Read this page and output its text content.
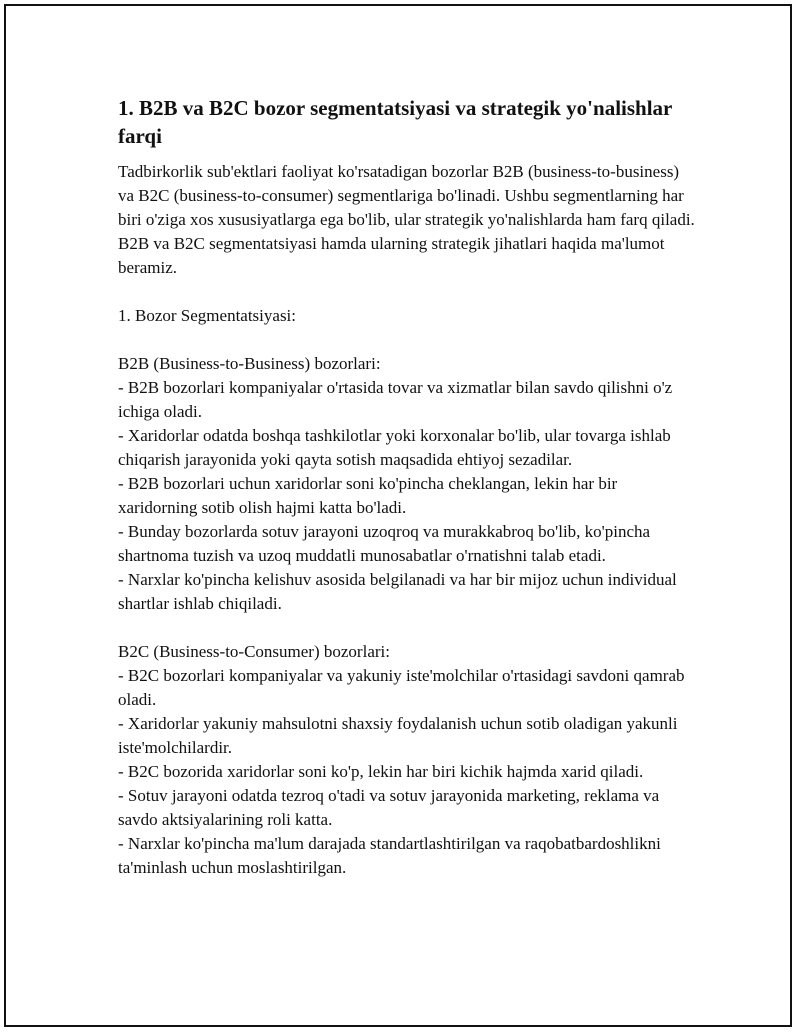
1. B2B va B2C bozor segmentatsiyasi va strategik yo'nalishlar farqi

Tadbirkorlik sub'ektlari faoliyat ko'rsatadigan bozorlar B2B (business-to-business) va B2C (business-to-consumer) segmentlariga bo'linadi. Ushbu segmentlarning har biri o'ziga xos xususiyatlarga ega bo'lib, ular strategik yo'nalishlarda ham farq qiladi. B2B va B2C segmentatsiyasi hamda ularning strategik jihatlari haqida ma'lumot beramiz.

1. Bozor Segmentatsiyasi:

B2B (Business-to-Business) bozorlari:
- B2B bozorlari kompaniyalar o'rtasida tovar va xizmatlar bilan savdo qilishni o'z ichiga oladi.
- Xaridorlar odatda boshqa tashkilotlar yoki korxonalar bo'lib, ular tovarga ishlab chiqarish jarayonida yoki qayta sotish maqsadida ehtiyoj sezadilar.
- B2B bozorlari uchun xaridorlar soni ko'pincha cheklangan, lekin har bir xaridorning sotib olish hajmi katta bo'ladi.
- Bunday bozorlarda sotuv jarayoni uzoqroq va murakkabroq bo'lib, ko'pincha shartnoma tuzish va uzoq muddatli munosabatlar o'rnatishni talab etadi.
- Narxlar ko'pincha kelishuv asosida belgilanadi va har bir mijoz uchun individual shartlar ishlab chiqiladi.
B2C (Business-to-Consumer) bozorlari:
- B2C bozorlari kompaniyalar va yakuniy iste'molchilar o'rtasidagi savdoni qamrab oladi.
- Xaridorlar yakuniy mahsulotni shaxsiy foydalanish uchun sotib oladigan yakunli iste'molchilardir.
- B2C bozorida xaridorlar soni ko'p, lekin har biri kichik hajmda xarid qiladi.
- Sotuv jarayoni odatda tezroq o'tadi va sotuv jarayonida marketing, reklama va savdo aktsiyalarining roli katta.
- Narxlar ko'pincha ma'lum darajada standartlashtirilgan va raqobatbardoshlikni ta'minlash uchun moslashtirilgan.
